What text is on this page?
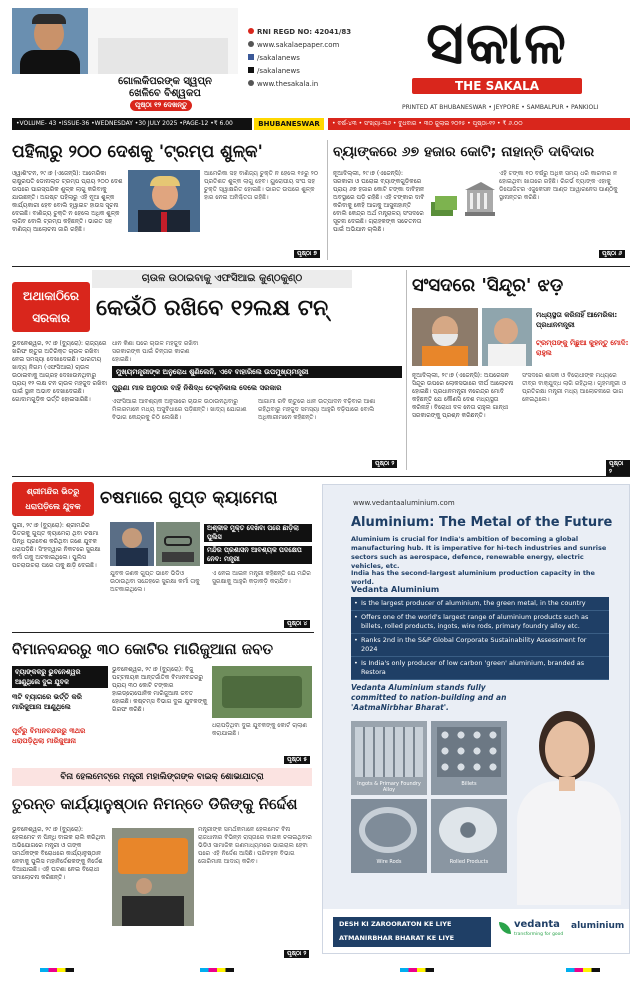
ଗୋଲକିପରଙ୍କ ସ୍ୱପ୍ନ
ଖେଳିବେ ବିଶ୍ୱକପ
ପୃଷ୍ଠା ୧୨ ଦେଖନ୍ତୁ
RNI REGD NO: 42041/83
www.sakalaepaper.com
/sakalanews
/sakalanews
www.thesakala.in
ସକାଳ
THE SAKALA
PRINTED AT BHUBANESWAR • JEYPORE • SAMBALPUR • PANKIOLI
•VOLUME- 43 •ISSUE-36 •WEDNESDAY •30 JULY 2025 •PAGE-12 •₹ 6.00	BHUBANESWAR	• ବର୍ଷ-୪୩ • ସଂଖ୍ୟା-୩୬ • ବୁଧବାର • ୩୦ ଜୁଲାଇ ୨୦୨୫ • ପୃଷ୍ଠା-୧୨ • ₹ ୬.୦୦
ପହିଲାରୁ ୨୦୦ ଦେଶକୁ 'ଟ୍ରମ୍ପ ଶୁଳ୍କ'
ଓ୍ୱାଶିଂଟନ, ୨୯।୭ (ଏଜେନ୍ସି): ଆମେରିକା ରାଷ୍ଟ୍ରପତି ଡୋନାଲ୍ଡ ଟ୍ରମ୍ପ ପ୍ରାୟ ୨୦୦ ଦେଶ ଉପରେ ପାରସ୍ପରିକ ଶୁଳ୍କ ଲାଗୁ କରିବାକୁ ଯାଉଛନ୍ତି। ଅଗଷ୍ଟ ପହିଲାରୁ ଏହି ନୂଆ ଶୁଳ୍କ କାର୍ଯ୍ୟକାରୀ ହେବ ବୋଲି ହ୍ୱାଇଟ ହାଉସ ସୂଚନା ଦେଇଛି। ବାଣିଜ୍ୟ ଚୁକ୍ତି ନ ହେଲେ ଅଧିକ ଶୁଳ୍କ ଲାଗିବ ବୋଲି ଟ୍ରମ୍ପ କହିଛନ୍ତି। ଭାରତ ସହ ବାଣିଜ୍ୟ ଆଲୋଚନା ଜାରି ରହିଛି।
ଆମେରିକା ସହ ବାଣିଜ୍ୟ ଚୁକ୍ତି ନ ହେଲେ ୧୫ରୁ ୨୦ ପ୍ରତିଶତ ଶୁଳ୍କ ଲାଗୁ ହେବ। ୟୁରୋପୀୟ ସଂଘ ସହ ଚୁକ୍ତି ସ୍ୱାକ୍ଷରିତ ହୋଇଛି। ଭାରତ ଉପରେ ଶୁଳ୍କ ହାର ନେଇ ଅନିଶ୍ଚିତତା ରହିଛି।
ପୃଷ୍ଠା ୭
ବ୍ୟାଙ୍କରେ ୬୭ ହଜାର କୋଟି; ନାହାନ୍ତି ଦାବିଦାର
ନୂଆଦିଲ୍ଲୀ, ୨୯।୭ (ଏଜେନ୍ସି): ସରକାରୀ ଓ ଘରୋଇ ବ୍ୟାଙ୍କଗୁଡ଼ିକରେ ପ୍ରାୟ ୬୭ ହଜାର କୋଟି ଟଙ୍କା ଦାବିହୀନ ଅବସ୍ଥାରେ ପଡ଼ି ରହିଛି। ଏହି ଟଙ୍କାର ଦାବି କରିବାକୁ କେହି ଆଗକୁ ଆସୁନାହାନ୍ତି ବୋଲି କେନ୍ଦ୍ର ଅର୍ଥ ମନ୍ତ୍ରାଳୟ ସଂସଦରେ ସୂଚନା ଦେଇଛି। ଗ୍ରାହକଙ୍କ ସଚେତନତା ପାଇଁ ଅଭିଯାନ ଚାଲିଛି।
ଏହି ଟଙ୍କା ୧୦ ବର୍ଷରୁ ଅଧିକ ସମୟ ଧରି କାରବାର ନ ହୋଇଥିବା ଖାତାରେ ରହିଛି। ରିଜର୍ଭ ବ୍ୟାଙ୍କ ଏହାକୁ ଡିପୋଜିଟର ଏଜୁକେସନ ଆଣ୍ଡ ଆୱାରନେସ ପାଣ୍ଠିକୁ ସ୍ଥାନାନ୍ତର କରିଛି।
ପୃଷ୍ଠା ୬
ଚାଉଳ ଉଠାଇବାକୁ ଏଫସିଆଇ କୁଣ୍ଠକୁଣ୍ଠ
ଅଥାକାଠିରେ
ସରକାର	କେଉଁଠି ରଖିବେ ୧୨ଲକ୍ଷ ଟନ୍
ଭୁବନେଶ୍ୱର, ୨୯।୭ (ବ୍ୟୁରୋ): ରାଜ୍ୟରେ ଖରିଫ ଋତୁର ଅତିରିକ୍ତ ଚାଉଳ ରଖିବା ନେଇ ସମସ୍ୟା ଦେଖାଦେଇଛି। ଭାରତୀୟ ଖାଦ୍ୟ ନିଗମ (ଏଫସିଆଇ) ଚାଉଳ ଉଠାଇବାକୁ ଆଗ୍ରହ ଦେଖାଉନଥିବାରୁ ପ୍ରାୟ ୧୨ ଲକ୍ଷ ଟନ ଚାଉଳ ମହଜୁଦ ରଖିବା ପାଇଁ ସ୍ଥାନ ଅଭାବ ଦେଖାଦେଇଛି। ଗୋଦାମଗୁଡ଼ିକ ଭର୍ତ୍ତି ହୋଇସାରିଛି।
ମୁଖ୍ୟମନ୍ତ୍ରୀଙ୍କ ଅନୁରୋଧ ଶୁଣିଲେନି, ଏବେ ବାହାରିଲେ ଉପମୁଖ୍ୟମନ୍ତ୍ରୀ
ପୁରୁଣା ମାଳ ଅନୁଠାର ବାହି ନିଶିଦ୍ଧ ଟେକ୍ନିକାଲ ଦେଲେ ସରକାର
ଧାନ କିଣା ପରେ ଚାଉଳ ମହଜୁଦ ରଖିବା ସରକାରଙ୍କ ପାଇଁ ଚିନ୍ତାର କାରଣ ହୋଇଛି।
ଏଫସିଆଇ ଆବଶ୍ୟକ ଅନୁସାରେ ଚାଉଳ ଉଠାଉନଥିବାରୁ ମିଲରମାନେ ମଧ୍ୟ ଅସୁବିଧାରେ ପଡ଼ିଛନ୍ତି। ଖାଦ୍ୟ ଯୋଗାଣ ବିଭାଗ କେନ୍ଦ୍ରକୁ ଚିଠି ଲେଖିଛି।
ଆଗାମୀ ରବି ଋତୁରେ ଧାନ ଉତ୍ପାଦନ ବଢ଼ିବାର ଆଶା ରହିଥିବାରୁ ମହଜୁଦ ସମସ୍ୟା ଆହୁରି ବଢ଼ିପାରେ ବୋଲି ଅଧିକାରୀମାନେ କହିଛନ୍ତି।
ପୃଷ୍ଠା ୨
ସଂସଦରେ 'ସିନ୍ଦୂର' ଝଡ଼
ମଧ୍ୟସ୍ଥତା କରିନାହିଁ ଆମେରିକା: ପ୍ରଧାନମନ୍ତ୍ରୀ
ଟ୍ରମ୍ପଙ୍କୁ ମିଛୁଆ କୁହନ୍ତୁ ମୋଦି: ରାହୁଲ
ନୂଆଦିଲ୍ଲୀ, ୨୯।୭ (ଏଜେନ୍ସି): ଅପରେସନ ସିନ୍ଦୂର ଉପରେ ଲୋକସଭାରେ ଦୀର୍ଘ ଆଲୋଚନା ହୋଇଛି। ପ୍ରଧାନମନ୍ତ୍ରୀ ନରେନ୍ଦ୍ର ମୋଦି କହିଛନ୍ତି ଯେ କୌଣସି ଦେଶ ମଧ୍ୟସ୍ଥତା କରିନାହିଁ। ବିରୋଧୀ ଦଳ ନେତା ରାହୁଲ ଗାନ୍ଧୀ ସରକାରଙ୍କୁ ପ୍ରଶ୍ନ କରିଛନ୍ତି।
ସଂସଦରେ ଶାସକ ଓ ବିରୋଧୀଙ୍କ ମଧ୍ୟରେ ତୀବ୍ର ବାକ୍‌ଯୁଦ୍ଧ ଲାଗି ରହିଥିଲା। ଗୃହମନ୍ତ୍ରୀ ଓ ପ୍ରତିରକ୍ଷା ମନ୍ତ୍ରୀ ମଧ୍ୟ ଆଲୋଚନାରେ ଭାଗ ନେଇଥିଲେ।
ପୃଷ୍ଠା ୨
ଶ୍ରୀମନ୍ଦିର ଭିତରୁ
ଧରାପଡ଼ିଲେ ଯୁବକ	ଚଷମାରେ ଗୁପ୍ତ କ୍ୟାମେରା
ପୁରୀ, ୨୯।୭ (ବ୍ୟୁରୋ): ଶ୍ରୀମନ୍ଦିର ଭିତରକୁ ଗୁପ୍ତ କ୍ୟାମେରା ଥିବା ଚଷମା ପିନ୍ଧି ପ୍ରବେଶ କରିଥିବା ଜଣେ ଯୁବକ ଧରାପଡ଼ିଛି। ସିଂହଦ୍ୱାର ନିକଟରେ ସୁରକ୍ଷା କର୍ମୀ ତାକୁ ଅଟକାଇଥିଲେ। ପୁଲିସ ପଚରାଉଚରା ପରେ ତାକୁ ଛାଡ଼ି ଦେଇଛି।
ଅଶ୍ଳୀଳ ମୁକ୍ତ ଦେଖିବା ପରେ ଛାଡ଼ିଲା ପୁଲିସ
ମନ୍ଦିର ପ୍ରଶାସନ ଆବଶ୍ୟକ ପଦକ୍ଷେପ ନେବ: ମନ୍ତ୍ରୀ
ଯୁବକ ଜଣକ ଗୁପ୍ତ ଭାବେ ଭିଡିଓ ଉଠାଉଥିବା ସନ୍ଦେହରେ ସୁରକ୍ଷା କର୍ମୀ ତାକୁ ଅଟକାଇଥିଲେ।
ଏ ନେଇ ଆଇନ ମନ୍ତ୍ରୀ କହିଛନ୍ତି ଯେ ମନ୍ଦିର ସୁରକ୍ଷାକୁ ଆହୁରି କଡ଼ାକଡ଼ି କରାଯିବ।
ପୃଷ୍ଠା ୪
ବିମାନବନ୍ଦରରୁ ୩୦ କୋଟିର ମାରିଜୁଆନା ଜବତ
ବ୍ୟାଙ୍କକରୁ ଭୁବନେଶ୍ୱର ଆଣୁଥିଲେ ଦୁଇ ଯୁବକ
୩ଟି ବ୍ୟାଗରେ ଭର୍ତ୍ତି କରି ମାରିଜୁଆନା ଆଣୁଥିଲେ
ପୂର୍ବରୁ ବିମାନବନ୍ଦରରୁ ୩ଥର ଧରାପଡ଼ିଥିଲା ମାରିଜୁଆନା
ଭୁବନେଶ୍ୱର, ୨୯।୭ (ବ୍ୟୁରୋ): ବିଜୁ ପଟ୍ଟନାୟକ ଆନ୍ତର୍ଜାତିକ ବିମାନବନ୍ଦରରୁ ପ୍ରାୟ ୩୦ କୋଟି ଟଙ୍କାର ହାଇଡ୍ରୋପୋନିକ ମାରିଜୁଆନା ଜବତ ହୋଇଛି। କଷ୍ଟମ୍ସ ବିଭାଗ ଦୁଇ ଯୁବକଙ୍କୁ ଗିରଫ କରିଛି।
ଧରାପଡ଼ିଥିବା ଦୁଇ ଯୁବକଙ୍କୁ କୋର୍ଟ ଚାଲାଣ କରାଯାଇଛି।
ପୃଷ୍ଠା ୫
ବିନା ହେଲମେଟ୍‌ରେ ମନ୍ତ୍ରୀ ମହାଲିଙ୍ଗଙ୍କ ବାଇକ୍ ଶୋଭାଯାତ୍ରା
ତୁରନ୍ତ କାର୍ଯ୍ୟାନୁଷ୍ଠାନ ନିମନ୍ତେ ଡିଜିଙ୍କୁ ନିର୍ଦ୍ଦେଶ
ଭୁବନେଶ୍ୱର, ୨୯।୭ (ବ୍ୟୁରୋ): ହେଲମେଟ ନ ପିନ୍ଧି ବାଇକ ରାଲି କରିଥିବା ଅଭିଯୋଗରେ ମନ୍ତ୍ରୀ ଓ ତାଙ୍କ ସମର୍ଥକଙ୍କ ବିରୋଧରେ କାର୍ଯ୍ୟାନୁଷ୍ଠାନ ନେବାକୁ ପୁଲିସ ମହାନିର୍ଦ୍ଦେଶକଙ୍କୁ ନିର୍ଦ୍ଦେଶ ଦିଆଯାଇଛି। ଏହି ଘଟଣା ନେଇ ବିରୋଧୀ ସମାଲୋଚନା କରିଛନ୍ତି।
ମନ୍ତ୍ରୀଙ୍କ ସମର୍ଥକମାନେ ହେଲମେଟ ବିନା ରାଜଧାନୀର ବିଭିନ୍ନ ରାସ୍ତାରେ ବାଇକ ଚଳାଇଥିବାର ଭିଡିଓ ସାମାଜିକ ଗଣମାଧ୍ୟମରେ ଭାଇରାଲ ହେବା ପରେ ଏହି ନିର୍ଦ୍ଦେଶ ଆସିଛି। ପରିବହନ ବିଭାଗ ଜୋରିମାନା ଆଦାୟ କରିବ।
ପୃଷ୍ଠା ୨
www.vedantaaluminium.com
Aluminium: The Metal of the Future
Aluminium is crucial for India's ambition of becoming a global manufacturing hub. It is imperative for hi-tech industries and sunrise sectors such as aerospace, defence, renewable energy, electric vehicles, etc.
India has the second-largest aluminium production capacity in the world.
Vedanta Aluminium
• Is the largest producer of aluminium, the green metal, in the country
• Offers one of the world's largest range of aluminium products such as billets, rolled products, ingots, wire rods, primary foundry alloy etc.
• Ranks 2nd in the S&P Global Corporate Sustainability Assessment for 2024
• Is India's only producer of low carbon 'green' aluminium, branded as Restora
Vedanta Aluminium stands fully committed to nation-building and an 'AatmaNirbhar Bharat'.
Ingots & Primary Foundry Alloy
Billets
Wire Rods	Rolled Products
DESH KI ZAROORATON KE LIYE
ATMANIRBHAR BHARAT KE LIYE
vedanta
transforming for good
aluminium
